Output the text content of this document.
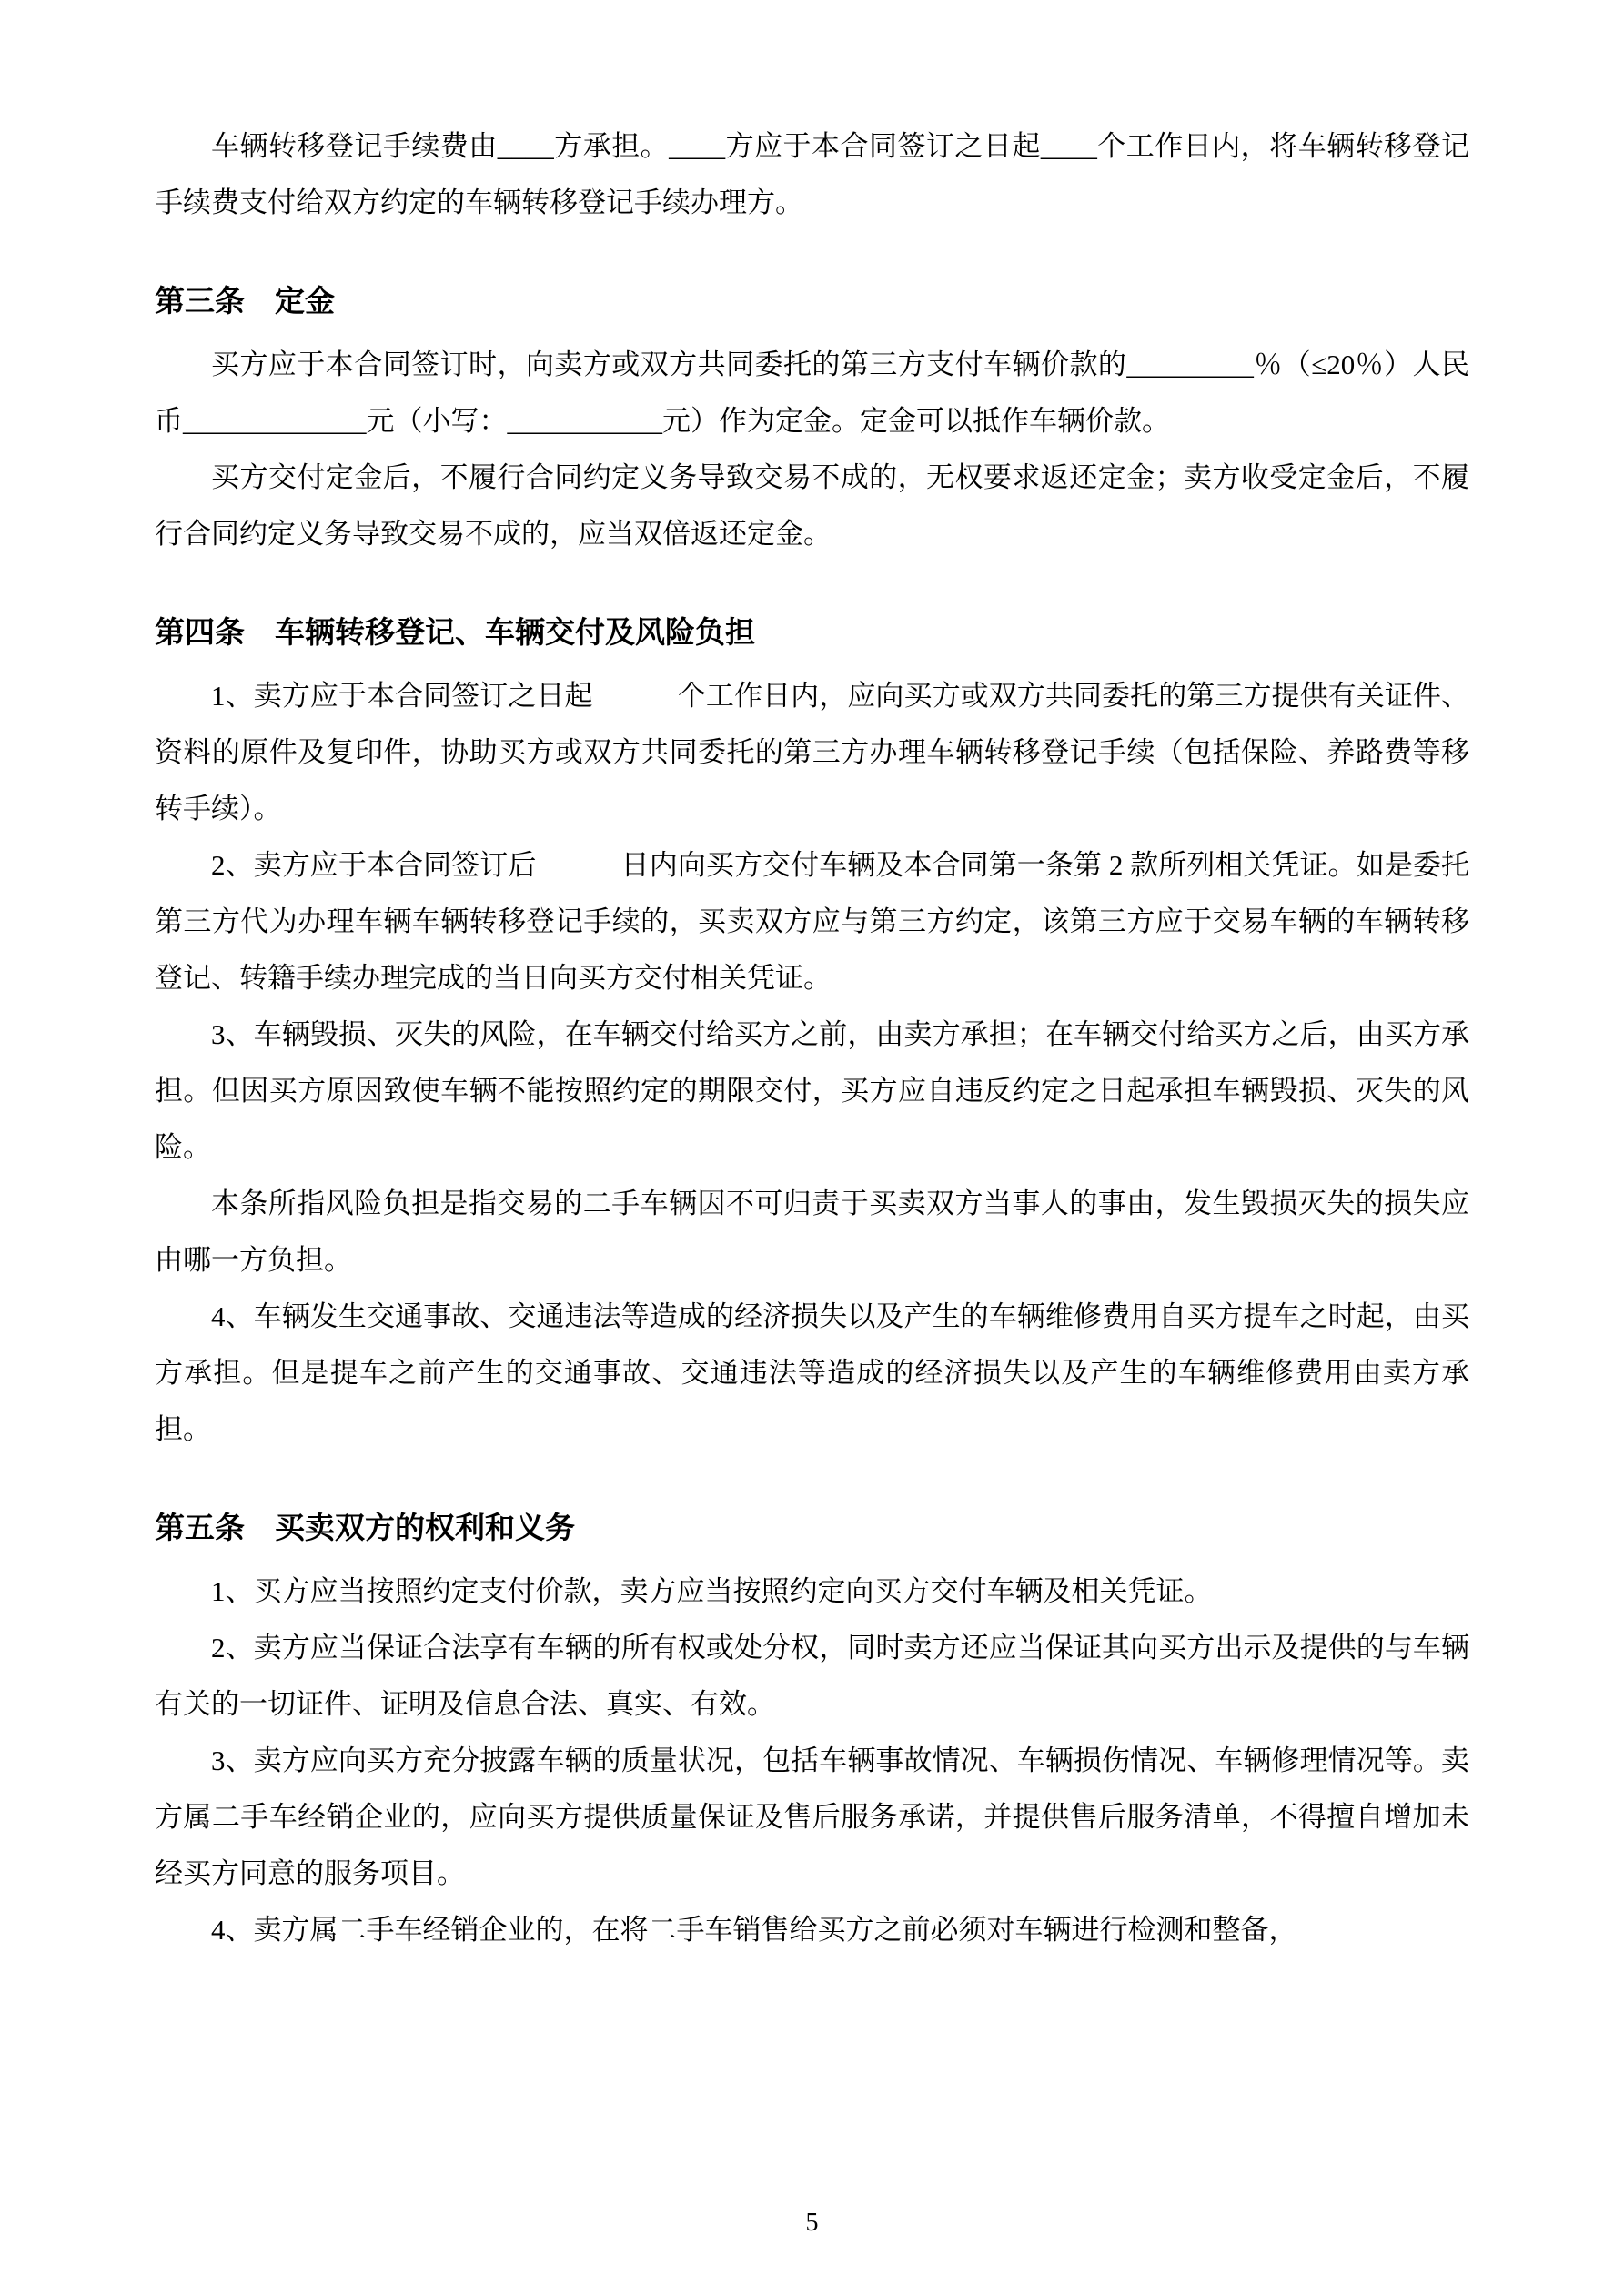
车辆转移登记手续费由____方承担。____方应于本合同签订之日起____个工作日内，将车辆转移登记手续费支付给双方约定的车辆转移登记手续办理方。

第三条　定金

买方应于本合同签订时，向卖方或双方共同委托的第三方支付车辆价款的_________％（≤20％）人民币_____________元（小写：___________元）作为定金。定金可以抵作车辆价款。

买方交付定金后，不履行合同约定义务导致交易不成的，无权要求返还定金；卖方收受定金后，不履行合同约定义务导致交易不成的，应当双倍返还定金。

第四条　车辆转移登记、车辆交付及风险负担

1、卖方应于本合同签订之日起　　　个工作日内，应向买方或双方共同委托的第三方提供有关证件、资料的原件及复印件，协助买方或双方共同委托的第三方办理车辆转移登记手续（包括保险、养路费等移转手续）。

2、卖方应于本合同签订后　　　日内向买方交付车辆及本合同第一条第 2 款所列相关凭证。如是委托第三方代为办理车辆车辆转移登记手续的，买卖双方应与第三方约定，该第三方应于交易车辆的车辆转移登记、转籍手续办理完成的当日向买方交付相关凭证。

3、车辆毁损、灭失的风险，在车辆交付给买方之前，由卖方承担；在车辆交付给买方之后，由买方承担。但因买方原因致使车辆不能按照约定的期限交付，买方应自违反约定之日起承担车辆毁损、灭失的风险。

本条所指风险负担是指交易的二手车辆因不可归责于买卖双方当事人的事由，发生毁损灭失的损失应由哪一方负担。

4、车辆发生交通事故、交通违法等造成的经济损失以及产生的车辆维修费用自买方提车之时起，由买方承担。但是提车之前产生的交通事故、交通违法等造成的经济损失以及产生的车辆维修费用由卖方承担。

第五条　买卖双方的权利和义务

1、买方应当按照约定支付价款，卖方应当按照约定向买方交付车辆及相关凭证。

2、卖方应当保证合法享有车辆的所有权或处分权，同时卖方还应当保证其向买方出示及提供的与车辆有关的一切证件、证明及信息合法、真实、有效。

3、卖方应向买方充分披露车辆的质量状况，包括车辆事故情况、车辆损伤情况、车辆修理情况等。卖方属二手车经销企业的，应向买方提供质量保证及售后服务承诺，并提供售后服务清单，不得擅自增加未经买方同意的服务项目。

4、卖方属二手车经销企业的，在将二手车销售给买方之前必须对车辆进行检测和整备，

5
